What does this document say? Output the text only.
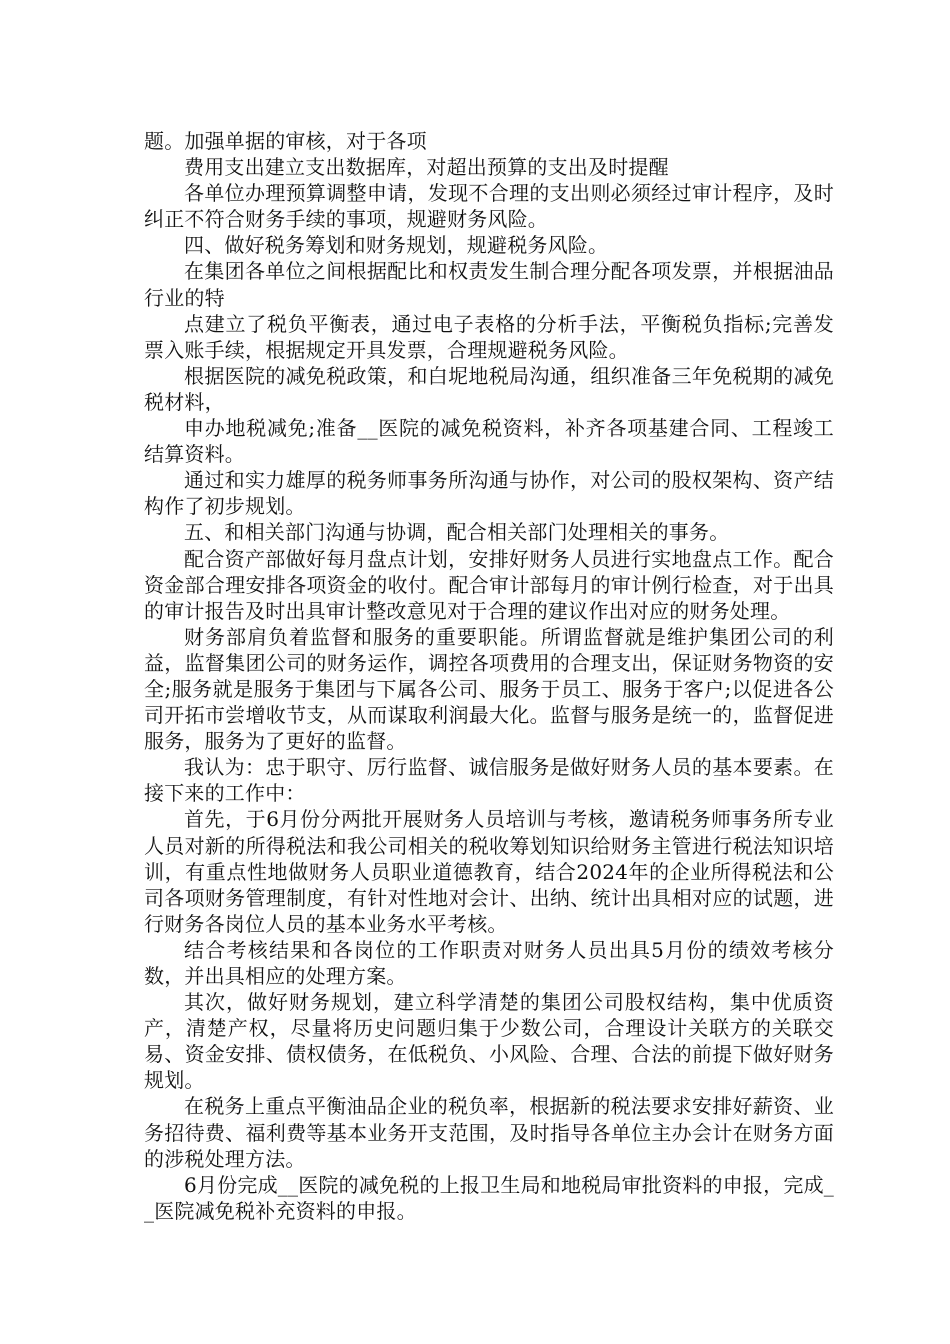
题。加强单据的审核，对于各项

费用支出建立支出数据库，对超出预算的支出及时提醒

各单位办理预算调整申请，发现不合理的支出则必须经过审计程序，及时纠正不符合财务手续的事项，规避财务风险。

四、做好税务筹划和财务规划，规避税务风险。

在集团各单位之间根据配比和权责发生制合理分配各项发票，并根据油品行业的特

点建立了税负平衡表，通过电子表格的分析手法，平衡税负指标;完善发票入账手续，根据规定开具发票，合理规避税务风险。

根据医院的减免税政策，和白坭地税局沟通，组织准备三年免税期的减免税材料，

申办地税减免;准备__医院的减免税资料，补齐各项基建合同、工程竣工结算资料。

通过和实力雄厚的税务师事务所沟通与协作，对公司的股权架构、资产结构作了初步规划。

五、和相关部门沟通与协调，配合相关部门处理相关的事务。

配合资产部做好每月盘点计划，安排好财务人员进行实地盘点工作。配合资金部合理安排各项资金的收付。配合审计部每月的审计例行检查，对于出具的审计报告及时出具审计整改意见对于合理的建议作出对应的财务处理。

财务部肩负着监督和服务的重要职能。所谓监督就是维护集团公司的利益，监督集团公司的财务运作，调控各项费用的合理支出，保证财务物资的安全;服务就是服务于集团与下属各公司、服务于员工、服务于客户;以促进各公司开拓市尝增收节支，从而谋取利润最大化。监督与服务是统一的，监督促进服务，服务为了更好的监督。

我认为：忠于职守、厉行监督、诚信服务是做好财务人员的基本要素。在接下来的工作中：

首先，于6月份分两批开展财务人员培训与考核，邀请税务师事务所专业人员对新的所得税法和我公司相关的税收筹划知识给财务主管进行税法知识培训，有重点性地做财务人员职业道德教育，结合2024年的企业所得税法和公司各项财务管理制度，有针对性地对会计、出纳、统计出具相对应的试题，进行财务各岗位人员的基本业务水平考核。

结合考核结果和各岗位的工作职责对财务人员出具5月份的绩效考核分数，并出具相应的处理方案。

其次，做好财务规划，建立科学清楚的集团公司股权结构，集中优质资产，清楚产权，尽量将历史问题归集于少数公司，合理设计关联方的关联交易、资金安排、债权债务，在低税负、小风险、合理、合法的前提下做好财务规划。

在税务上重点平衡油品企业的税负率，根据新的税法要求安排好薪资、业务招待费、福利费等基本业务开支范围，及时指导各单位主办会计在财务方面的涉税处理方法。

6月份完成__医院的减免税的上报卫生局和地税局审批资料的申报，完成__医院减免税补充资料的申报。
